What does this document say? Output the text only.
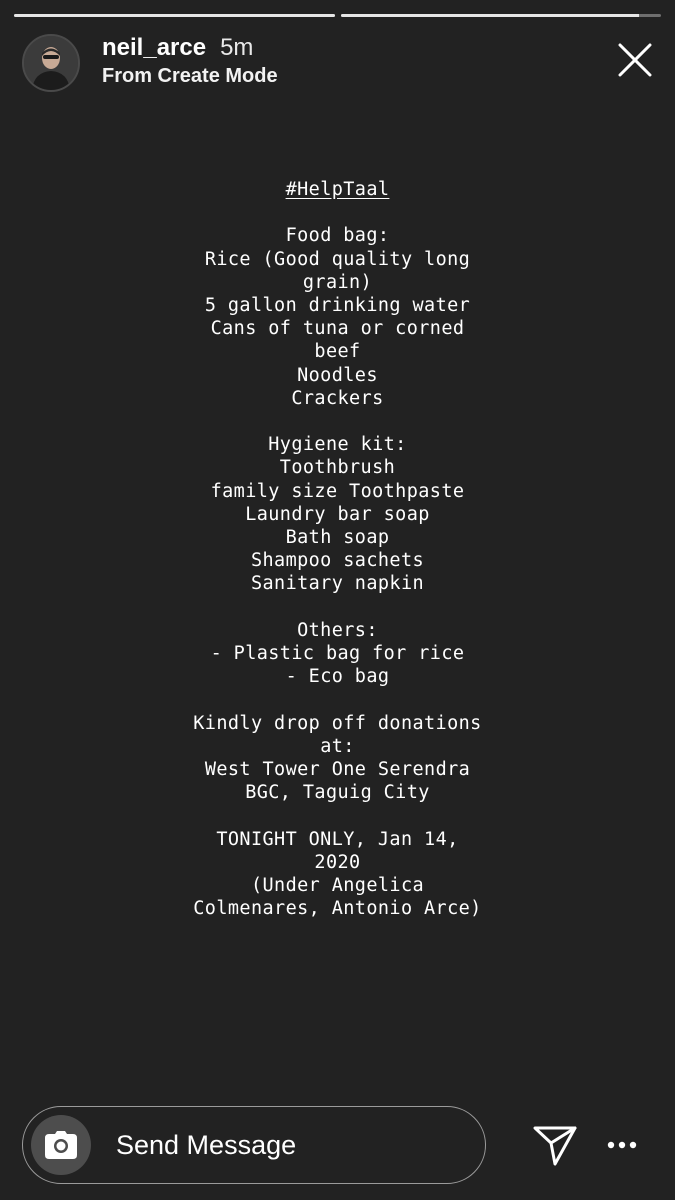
neil_arce 5m
From Create Mode
#HelpTaal
Food bag:
Rice (Good quality long
grain)
5 gallon drinking water
Cans of tuna or corned
beef
Noodles
Crackers
Hygiene kit:
Toothbrush
family size Toothpaste
Laundry bar soap
Bath soap
Shampoo sachets
Sanitary napkin
Others:
- Plastic bag for rice
- Eco bag
Kindly drop off donations
at:
West Tower One Serendra
BGC, Taguig City
TONIGHT ONLY, Jan 14,
2020
(Under Angelica
Colmenares, Antonio Arce)
Send Message
